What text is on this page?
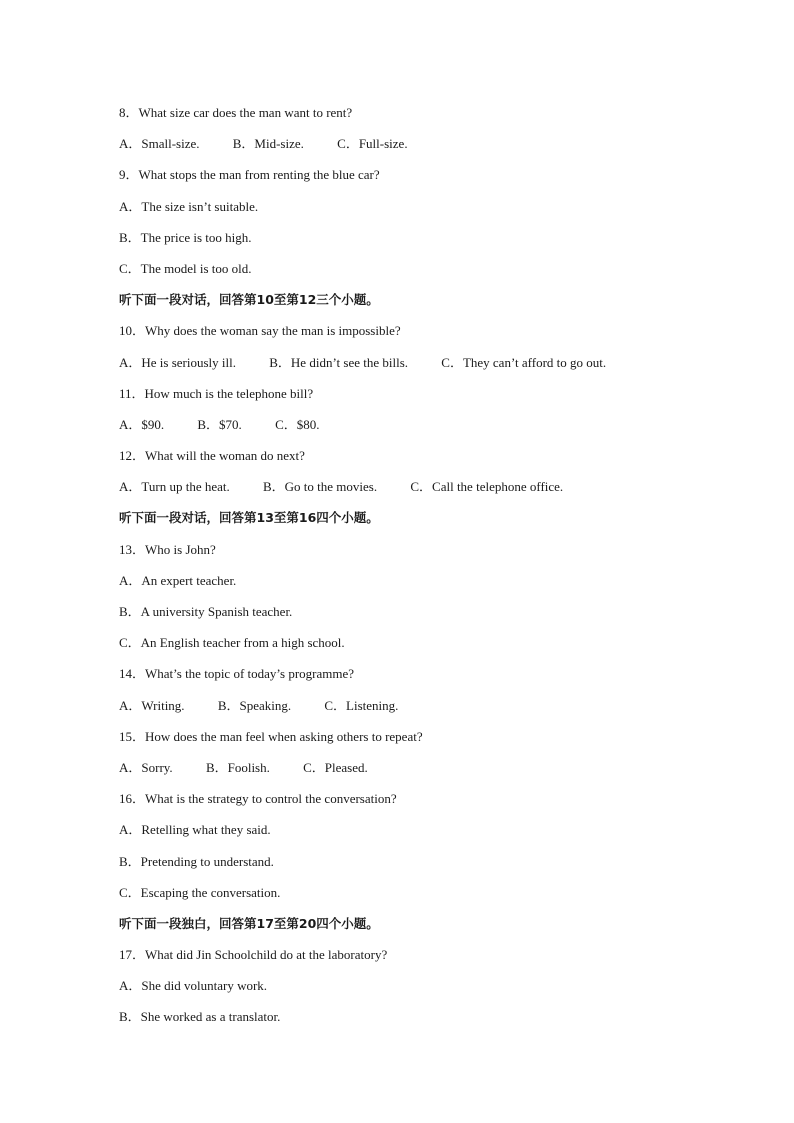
8．What size car does the man want to rent?
A．Small-size.	B．Mid-size.	C．Full-size.
9．What stops the man from renting the blue car?
A．The size isn’t suitable.
B．The price is too high.
C．The model is too old.
听下面一段对话，回答第10至第12三个小题。
10．Why does the woman say the man is impossible?
A．He is seriously ill.	B．He didn’t see the bills.	C．They can’t afford to go out.
11．How much is the telephone bill?
A．$90.	B．$70.	C．$80.
12．What will the woman do next?
A．Turn up the heat.	B．Go to the movies.	C．Call the telephone office.
听下面一段对话，回答第13至第16四个小题。
13．Who is John?
A．An expert teacher.
B．A university Spanish teacher.
C．An English teacher from a high school.
14．What’s the topic of today’s programme?
A．Writing.	B．Speaking.	C．Listening.
15．How does the man feel when asking others to repeat?
A．Sorry.	B．Foolish.	C．Pleased.
16．What is the strategy to control the conversation?
A．Retelling what they said.
B．Pretending to understand.
C．Escaping the conversation.
听下面一段独白，回答第17至第20四个小题。
17．What did Jin Schoolchild do at the laboratory?
A．She did voluntary work.
B．She worked as a translator.
